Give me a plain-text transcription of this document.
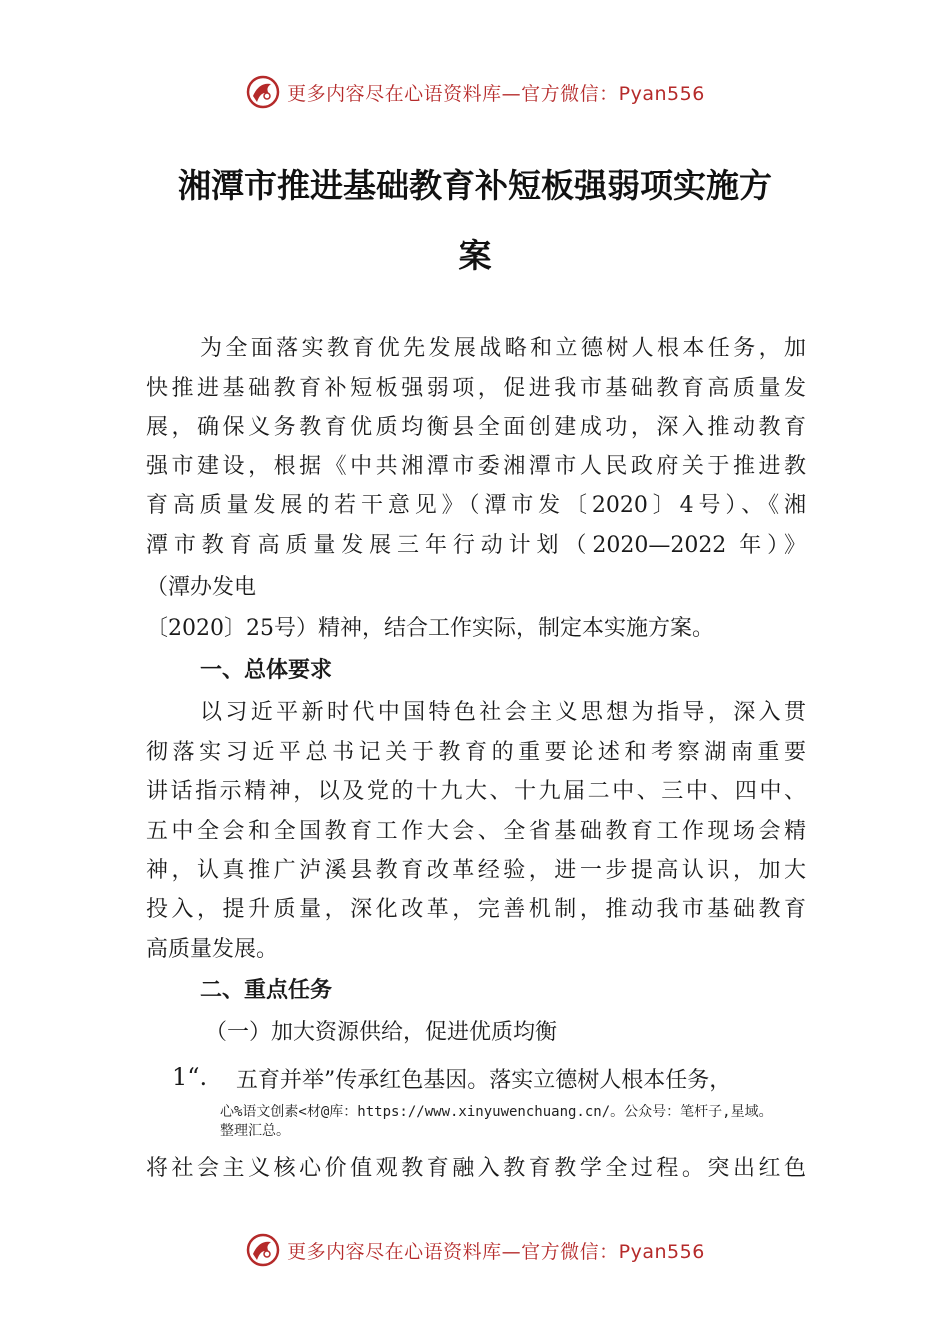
更多内容尽在心语资料库—官方微信：Pyan556
湘潭市推进基础教育补短板强弱项实施方
案
为全面落实教育优先发展战略和立德树人根本任务，加
快推进基础教育补短板强弱项，促进我市基础教育高质量发
展，确保义务教育优质均衡县全面创建成功，深入推动教育
强市建设，根据《中共湘潭市委湘潭市人民政府关于推进教
育高质量发展的若干意见》（潭市发〔2020〕4号）、《湘
潭市教育高质量发展三年行动计划（2020—2022 年）》
（潭办发电
〔2020〕25号）精神，结合工作实际，制定本实施方案。
一、总体要求
以习近平新时代中国特色社会主义思想为指导，深入贯
彻落实习近平总书记关于教育的重要论述和考察湖南重要
讲话指示精神，以及党的十九大、十九届二中、三中、四中、
五中全会和全国教育工作大会、全省基础教育工作现场会精
神，认真推广泸溪县教育改革经验，进一步提高认识，加大
投入，提升质量，深化改革，完善机制，推动我市基础教育
高质量发展。
二、重点任务
（一）加大资源供给，促进优质均衡
1“. 五育并举”传承红色基因。落实立德树人根本任务，
心%语文创素<材@库：https://www.xinyuwenchuang.cn/。公众号：笔杆子,星域。
整理汇总。
将社会主义核心价值观教育融入教育教学全过程。突出红色
更多内容尽在心语资料库—官方微信：Pyan556
